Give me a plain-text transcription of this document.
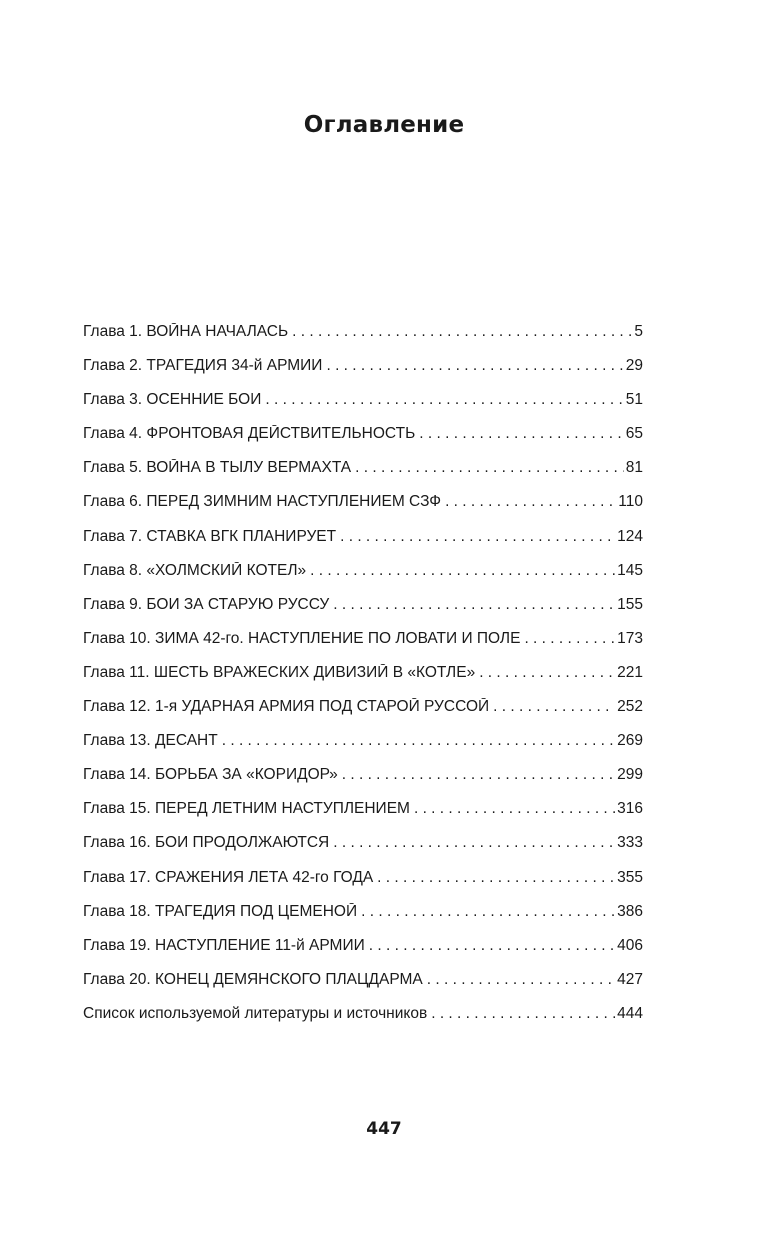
Оглавление
Глава 1. ВОЙНА НАЧАЛАСЬ . . .	5
Глава 2. ТРАГЕДИЯ 34-й АРМИИ . . .	29
Глава 3. ОСЕННИЕ БОИ . . .	51
Глава 4. ФРОНТОВАЯ ДЕЙСТВИТЕЛЬНОСТЬ . . .	65
Глава 5. ВОЙНА В ТЫЛУ ВЕРМАХТА . . .	81
Глава 6. ПЕРЕД ЗИМНИМ НАСТУПЛЕНИЕМ СЗФ . . .	110
Глава 7. СТАВКА ВГК ПЛАНИРУЕТ . . .	124
Глава 8. «ХОЛМСКИЙ КОТЕЛ» . . .	145
Глава 9. БОИ ЗА СТАРУЮ РУССУ . . .	155
Глава 10. ЗИМА 42-го. НАСТУПЛЕНИЕ ПО ЛОВАТИ И ПОЛЕ . . .	173
Глава 11. ШЕСТЬ ВРАЖЕСКИХ ДИВИЗИЙ В «КОТЛЕ» . . .	221
Глава 12. 1-я УДАРНАЯ АРМИЯ ПОД СТАРОЙ РУССОЙ . . .	252
Глава 13. ДЕСАНТ . . .	269
Глава 14. БОРЬБА ЗА «КОРИДОР» . . .	299
Глава 15. ПЕРЕД ЛЕТНИМ НАСТУПЛЕНИЕМ . . .	316
Глава 16. БОИ ПРОДОЛЖАЮТСЯ . . .	333
Глава 17. СРАЖЕНИЯ ЛЕТА 42-го ГОДА . . .	355
Глава 18. ТРАГЕДИЯ ПОД ЦЕМЕНОЙ . . .	386
Глава 19. НАСТУПЛЕНИЕ 11-й АРМИИ . . .	406
Глава 20. КОНЕЦ ДЕМЯНСКОГО ПЛАЦДАРМА . . .	427
Список используемой литературы и источников . . .	444
447
